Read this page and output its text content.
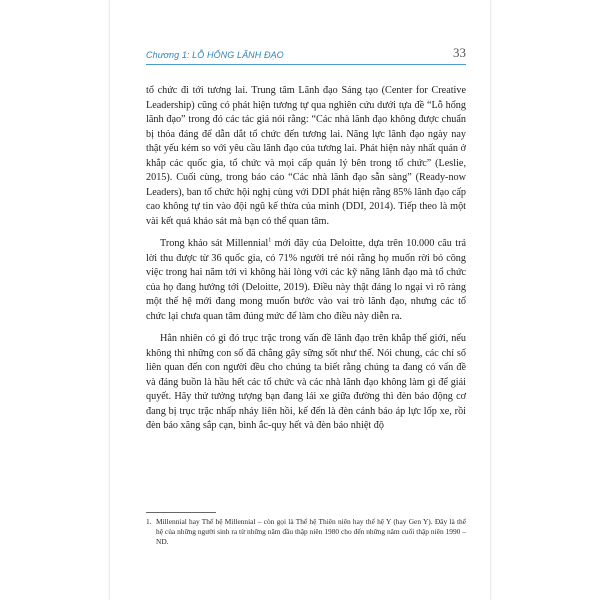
Chương 1: LỖ HỔNG LÃNH ĐẠO	33

tổ chức đi tới tương lai. Trung tâm Lãnh đạo Sáng tạo (Center for Creative Leadership) cũng có phát hiện tương tự qua nghiên cứu dưới tựa đề “Lỗ hổng lãnh đạo” trong đó các tác giả nói rằng: “Các nhà lãnh đạo không được chuẩn bị thỏa đáng để dẫn dắt tổ chức đến tương lai. Năng lực lãnh đạo ngày nay thật yếu kém so với yêu cầu lãnh đạo của tương lai. Phát hiện này nhất quán ở khắp các quốc gia, tổ chức và mọi cấp quản lý bên trong tổ chức” (Leslie, 2015). Cuối cùng, trong báo cáo “Các nhà lãnh đạo sẵn sàng” (Ready-now Leaders), ban tổ chức hội nghị cùng với DDI phát hiện rằng 85% lãnh đạo cấp cao không tự tin vào đội ngũ kế thừa của mình (DDI, 2014). Tiếp theo là một vài kết quả khảo sát mà bạn có thể quan tâm.

Trong khảo sát Millennial$^1$ mới đây của Deloitte, dựa trên 10.000 câu trả lời thu được từ 36 quốc gia, có 71% người trẻ nói rằng họ muốn rời bỏ công việc trong hai năm tới vì không hài lòng với các kỹ năng lãnh đạo mà tổ chức của họ đang hướng tới (Deloitte, 2019). Điều này thật đáng lo ngại vì rõ ràng một thế hệ mới đang mong muốn bước vào vai trò lãnh đạo, nhưng các tổ chức lại chưa quan tâm đúng mức để làm cho điều này diễn ra.

Hẳn nhiên có gì đó trục trặc trong vấn đề lãnh đạo trên khắp thế giới, nếu không thì những con số đã chẳng gây sững sốt như thế. Nói chung, các chỉ số liên quan đến con người đều cho chúng ta biết rằng chúng ta đang có vấn đề và đáng buồn là hầu hết các tổ chức và các nhà lãnh đạo không làm gì để giải quyết. Hãy thử tưởng tượng bạn đang lái xe giữa đường thì đèn báo động cơ đang bị trục trặc nhấp nháy liên hồi, kế đến là đèn cảnh báo áp lực lốp xe, rồi đèn báo xăng sắp cạn, bình ắc-quy hết và đèn báo nhiệt độ

1. Millennial hay Thế hệ Millennial – còn gọi là Thế hệ Thiên niên hay thế hệ Y (hay Gen Y). Đây là thế hệ của những người sinh ra từ những năm đầu thập niên 1980 cho đến những năm cuối thập niên 1990 – ND.
